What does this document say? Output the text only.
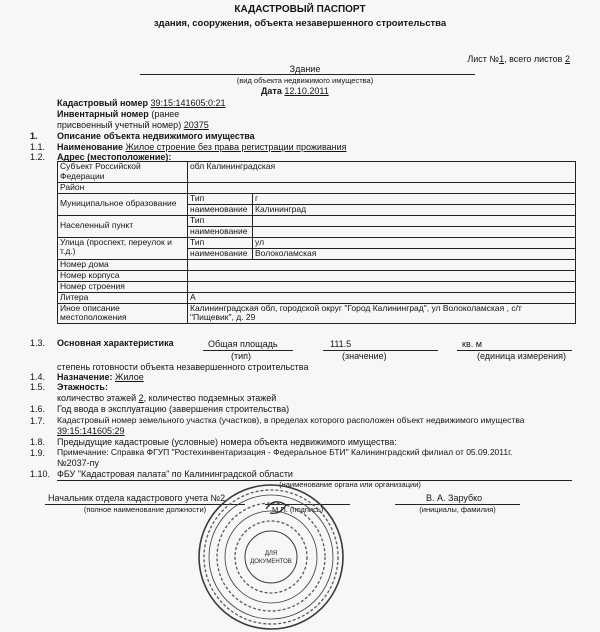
КАДАСТРОВЫЙ ПАСПОРТ
здания, сооружения, объекта незавершенного строительства
Лист №1, всего листов 2
Здание
(вид объекта недвижимого имущества)
Дата 12.10.2011
Кадастровый номер 39:15:141605:0:21
Инвентарный номер (ранее
присвоенный учетный номер) 20375
1. Описание объекта недвижимого имущества
1.1. Наименование Жилое строение без права регистрации проживания
1.2. Адрес (местоположение):
Субъект Российской Федерации	обл Калининградская	
Район		
Муниципальное образование	Тип	г
	наименование	Калининград
Населенный пункт	Тип	
	наименование	
Улица (проспект, переулок и т.д.)	Тип	ул
	наименование	Волоколамская
Номер дома		
Номер корпуса		
Номер строения		
Литера	А	
Иное описание местоположения	Калининградская обл, городской округ "Город Калининград", ул Волоколамская , с/т
"Пищевик", д. 29	
1.3. Основная характеристика	Общая площадь	111.5	кв. м
(тип)	(значение)	(единица измерения)
степень готовности объекта незавершенного строительства
1.4. Назначение: Жилое
1.5. Этажность:
количество этажей 2, количество подземных этажей
1.6. Год ввода в эксплуатацию (завершения строительства)
1.7. Кадастровый номер земельного участка (участков), в пределах которого расположен объект недвижимого имущества
39:15:141605:29
1.8. Предыдущие кадастровые (условные) номера объекта недвижимого имущества:
1.9. Примечание: Справка ФГУП "Ростехинвентаризация - Федеральное БТИ" Калининградский филиал от 05.09.2011г.
№2037-пу
1.10. ФБУ "Кадастровая палата" по Калининградской области
(наименование органа или организации)
Начальник отдела кадастрового учета №2
(полное наименование должности)
В. А. Зарубко
(инициалы, фамилия)
М.П. (подпись)
ДЛЯ
ДОКУМЕНТОВ
